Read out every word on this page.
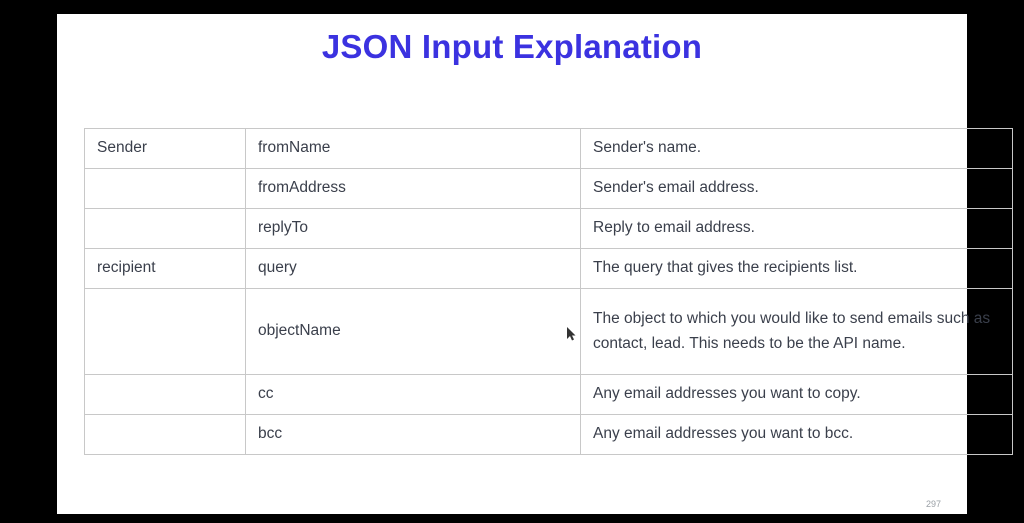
JSON Input Explanation
Sender	fromName	Sender's name.
	fromAddress	Sender's email address.
	replyTo	Reply to email address.
recipient	query	The query that gives the recipients list.
	objectName	The object to which you would like to send emails such as contact, lead. This needs to be the API name.

	cc	Any email addresses you want to copy.
	bcc	Any email addresses you want to bcc.
297
